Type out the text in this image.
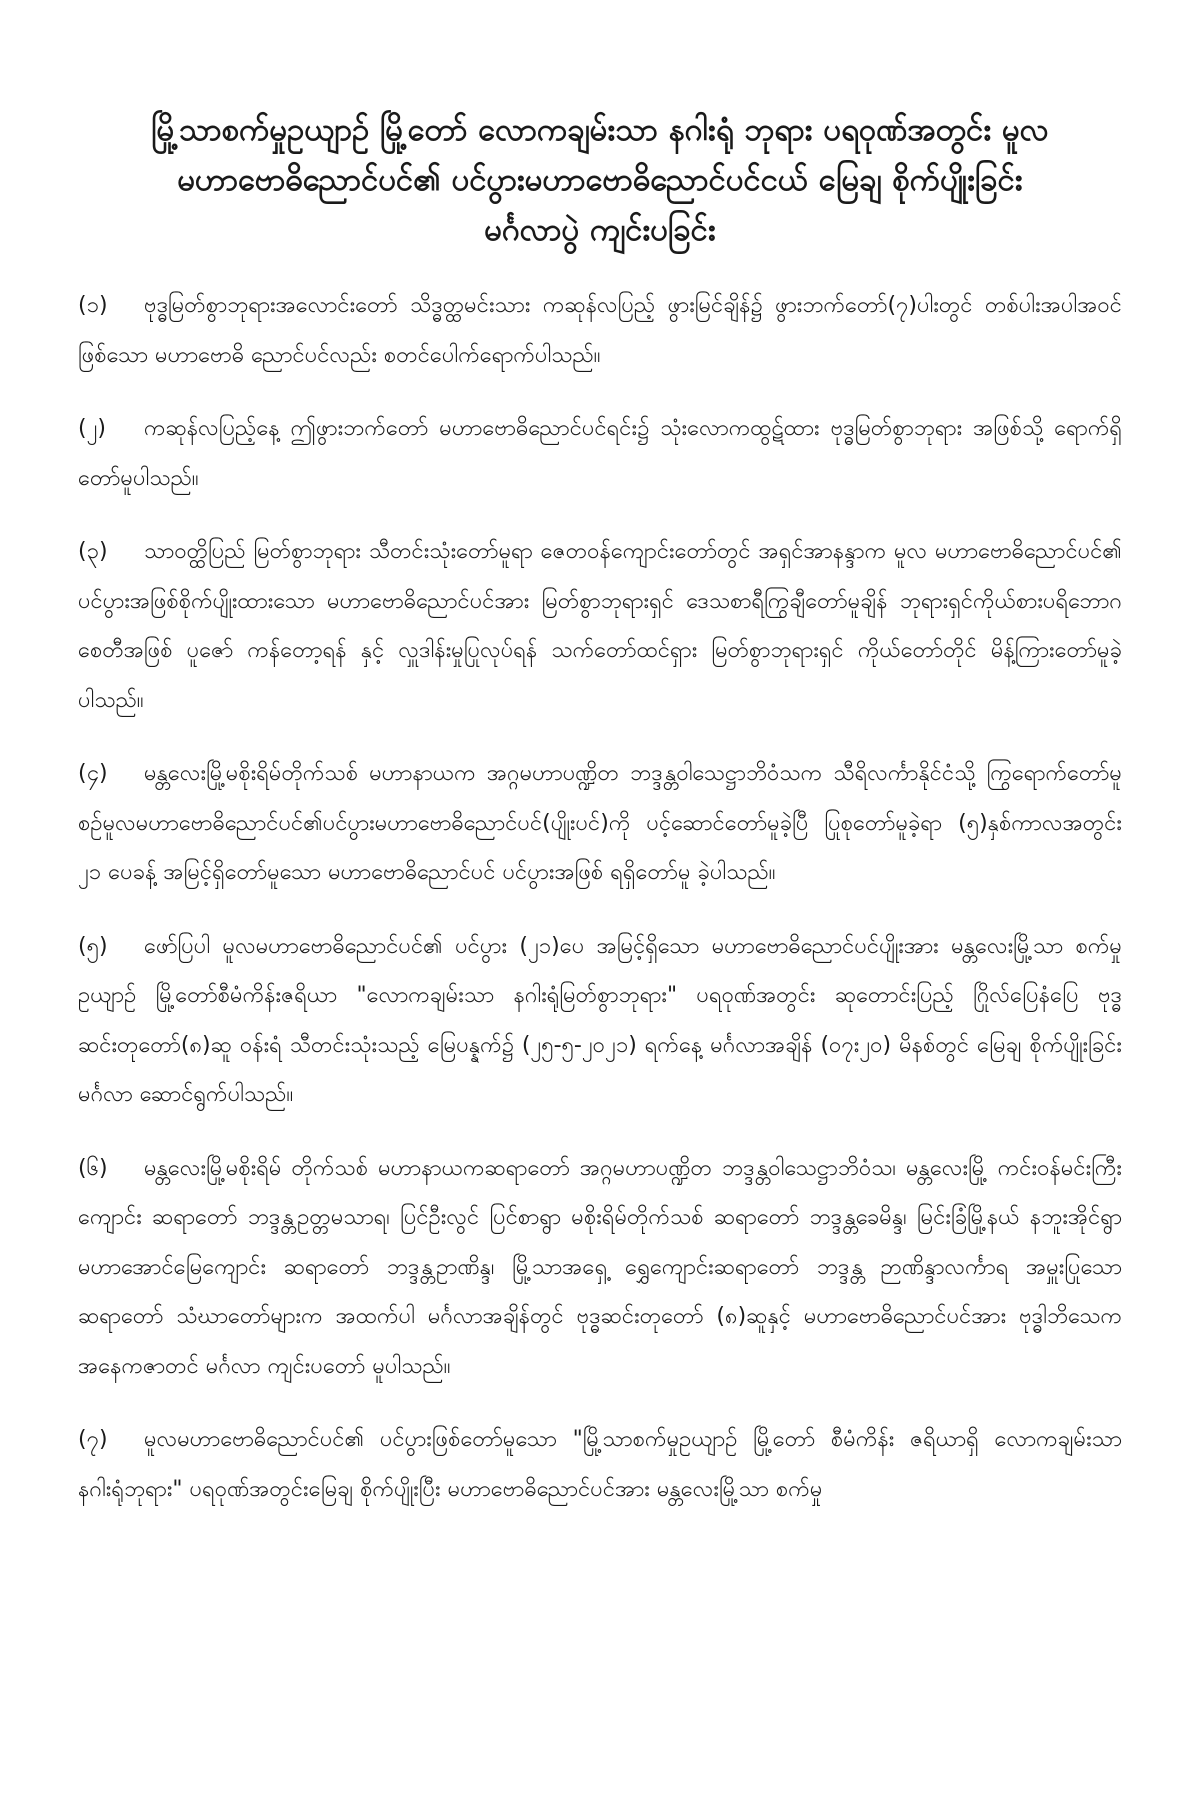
မြို့သာစက်မှုဥယျာဉ် မြို့တော် လောကချမ်းသာ နဂါးရုံ ဘုရား ပရဝုဏ်အတွင်း မူလ
မဟာဗောဓိညောင်ပင်၏ ပင်ပွားမဟာဗောဓိညောင်ပင်ငယ် မြေချ စိုက်ပျိုးခြင်း
မင်္ဂလာပွဲ ကျင်းပခြင်း

(၁) ဗုဒ္ဓမြတ်စွာဘုရားအလောင်းတော် သိဒ္ဓတ္ထမင်းသား ကဆုန်လပြည့် ဖွားမြင်ချိန်၌ ဖွားဘက်တော်(၇)ပါးတွင် တစ်ပါးအပါအဝင်ဖြစ်သော မဟာဗောဓိ ညောင်ပင်လည်း စတင်ပေါက်ရောက်ပါသည်။

(၂) ကဆုန်လပြည့်နေ့ ဤဖွားဘက်တော် မဟာဗောဓိညောင်ပင်ရင်း၌ သုံးလောကထွဋ်ထား ဗုဒ္ဓမြတ်စွာဘုရား အဖြစ်သို့ ရောက်ရှိ တော်မူပါသည်။

(၃) သာဝတ္ထိပြည် မြတ်စွာဘုရား သီတင်းသုံးတော်မူရာ ဇေတဝန်ကျောင်းတော်တွင် အရှင်အာနန္ဒာက မူလ မဟာဗောဓိညောင်ပင်၏ ပင်ပွားအဖြစ်စိုက်ပျိုးထားသော မဟာဗောဓိညောင်ပင်အား မြတ်စွာဘုရားရှင် ဒေသစာရီကြွချီတော်မူချိန် ဘုရားရှင်ကိုယ်စားပရိဘောဂ စေတီအဖြစ် ပူဇော် ကန်တော့ရန် နှင့် လှူဒါန်းမှုပြုလုပ်ရန် သက်တော်ထင်ရှား မြတ်စွာဘုရားရှင် ကိုယ်တော်တိုင် မိန့်ကြားတော်မူခဲ့ပါသည်။

(၄) မန္တလေးမြို့မစိုးရိမ်တိုက်သစ် မဟာနာယက အဂ္ဂမဟာပဏ္ဍိတ ဘဒ္ဒန္တဝါသေဋ္ဌာဘိဝံသက သီရိလင်္ကာနိုင်ငံသို့ ကြွရောက်တော်မူစဉ်မူလမဟာဗောဓိညောင်ပင်၏ပင်ပွားမဟာဗောဓိညောင်ပင်(ပျိုးပင်)ကို ပင့်ဆောင်တော်မူခဲ့ပြီ ပြုစုတော်မူခဲ့ရာ (၅)နှစ်ကာလအတွင်း ၂၁ ပေခန့် အမြင့်ရှိတော်မူသော မဟာဗောဓိညောင်ပင် ပင်ပွားအဖြစ် ရရှိတော်မူ ခဲ့ပါသည်။

(၅) ဖော်ပြပါ မူလမဟာဗောဓိညောင်ပင်၏ ပင်ပွား (၂၁)ပေ အမြင့်ရှိသော မဟာဗောဓိညောင်ပင်ပျိုးအား မန္တလေးမြို့သာ စက်မှုဥယျာဉ် မြို့တော်စီမံကိန်းဇရိယာ "လောကချမ်းသာ နဂါးရုံမြတ်စွာဘုရား" ပရဝုဏ်အတွင်း ဆုတောင်းပြည့် ဂြိုလ်ပြေနံပြေ ဗုဒ္ဓဆင်းတုတော်(၈)ဆူ ဝန်းရံ သီတင်းသုံးသည့် မြေပန္နက်၌ (၂၅-၅-၂၀၂၁) ရက်နေ့ မင်္ဂလာအချိန် (၀၇း၂၀) မိနစ်တွင် မြေချ စိုက်ပျိုးခြင်း မင်္ဂလာ ဆောင်ရွက်ပါသည်။

(၆) မန္တလေးမြို့မစိုးရိမ် တိုက်သစ် မဟာနာယကဆရာတော် အဂ္ဂမဟာပဏ္ဍိတ ဘဒ္ဒန္တဝါသေဋ္ဌာဘိဝံသ၊ မန္တလေးမြို့ ကင်းဝန်မင်းကြီးကျောင်း ဆရာတော် ဘဒ္ဒန္တဥတ္တမသာရ၊ ပြင်ဦးလွင် ပြင်စာရွာ မစိုးရိမ်တိုက်သစ် ဆရာတော် ဘဒ္ဒန္တခေမိန္ဒ၊ မြင်းခြံမြို့နယ် နဘူးအိုင်ရွာ မဟာအောင်မြေကျောင်း ဆရာတော် ဘဒ္ဒန္တဥာဏိန္ဒ၊ မြို့သာအရှေ့ ရွှေကျောင်းဆရာတော် ဘဒ္ဒန္တ ဉာဏိန္ဒာလင်္ကာရ အမှူးပြုသော ဆရာတော် သံဃာတော်များက အထက်ပါ မင်္ဂလာအချိန်တွင် ဗုဒ္ဓဆင်းတုတော် (၈)ဆူနှင့် မဟာဗောဓိညောင်ပင်အား ဗုဒ္ဓါဘိသေက အနေကဇာတင် မင်္ဂလာ ကျင်းပတော် မူပါသည်။

(၇) မူလမဟာဗောဓိညောင်ပင်၏ ပင်ပွားဖြစ်တော်မူသော "မြို့သာစက်မှုဥယျာဉ် မြို့တော် စီမံကိန်း ဇရိယာရှိ လောကချမ်းသာ နဂါးရုံဘုရား" ပရဝုဏ်အတွင်းမြေချ စိုက်ပျိုးပြီး မဟာဗောဓိညောင်ပင်အား မန္တလေးမြို့သာ စက်မှု
